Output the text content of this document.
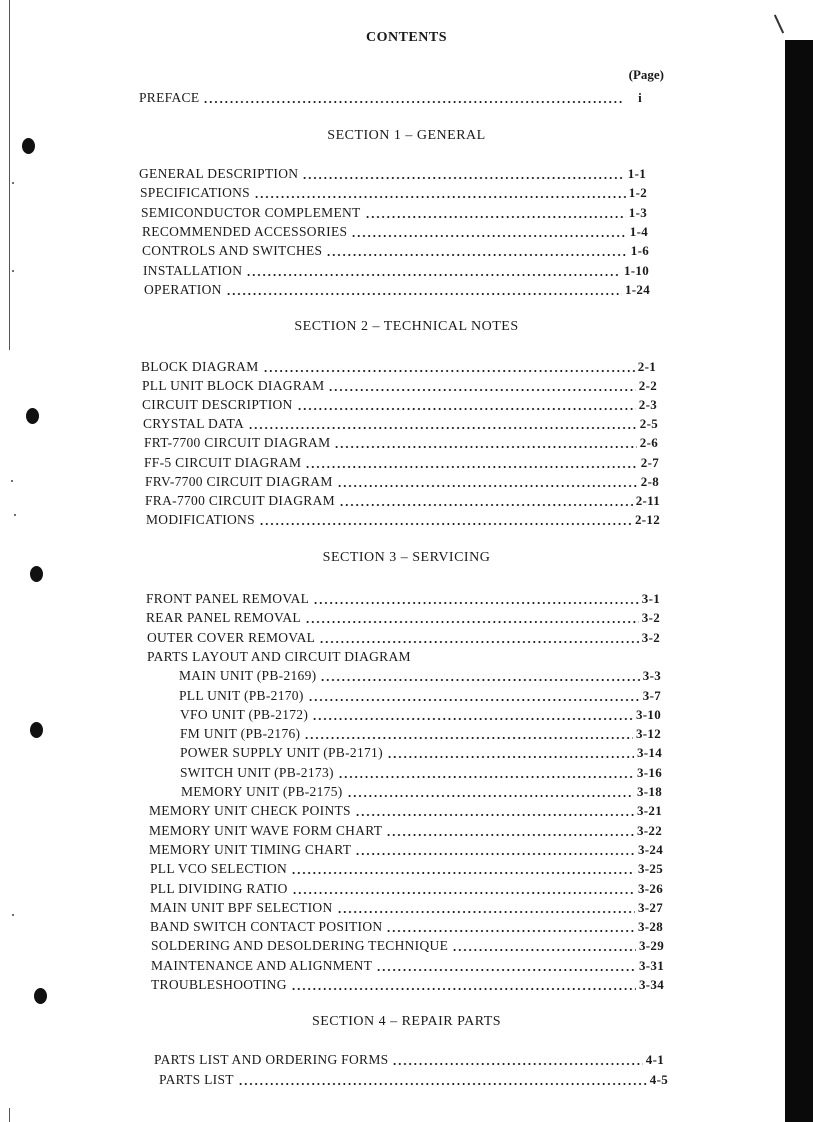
CONTENTS
(Page)
PREFACE	i
SECTION 1 – GENERAL
GENERAL DESCRIPTION	1-1
SPECIFICATIONS	1-2
SEMICONDUCTOR COMPLEMENT	1-3
RECOMMENDED ACCESSORIES	1-4
CONTROLS AND SWITCHES	1-6
INSTALLATION	1-10
OPERATION	1-24
SECTION 2 – TECHNICAL NOTES
BLOCK DIAGRAM	2-1
PLL UNIT BLOCK DIAGRAM	2-2
CIRCUIT DESCRIPTION	2-3
CRYSTAL DATA	2-5
FRT-7700 CIRCUIT DIAGRAM	2-6
FF-5 CIRCUIT DIAGRAM	2-7
FRV-7700 CIRCUIT DIAGRAM	2-8
FRA-7700 CIRCUIT DIAGRAM	2-11
MODIFICATIONS	2-12
SECTION 3 – SERVICING
FRONT PANEL REMOVAL	3-1
REAR PANEL REMOVAL	3-2
OUTER COVER REMOVAL	3-2
PARTS LAYOUT AND CIRCUIT DIAGRAM
MAIN UNIT (PB-2169)	3-3
PLL UNIT (PB-2170)	3-7
VFO UNIT (PB-2172)	3-10
FM UNIT (PB-2176)	3-12
POWER SUPPLY UNIT (PB-2171)	3-14
SWITCH UNIT (PB-2173)	3-16
MEMORY UNIT (PB-2175)	3-18
MEMORY UNIT CHECK POINTS	3-21
MEMORY UNIT WAVE FORM CHART	3-22
MEMORY UNIT TIMING CHART	3-24
PLL VCO SELECTION	3-25
PLL DIVIDING RATIO	3-26
MAIN UNIT BPF SELECTION	3-27
BAND SWITCH CONTACT POSITION	3-28
SOLDERING AND DESOLDERING TECHNIQUE	3-29
MAINTENANCE AND ALIGNMENT	3-31
TROUBLESHOOTING	3-34
SECTION 4 – REPAIR PARTS
PARTS LIST AND ORDERING FORMS	4-1
PARTS LIST	4-5
